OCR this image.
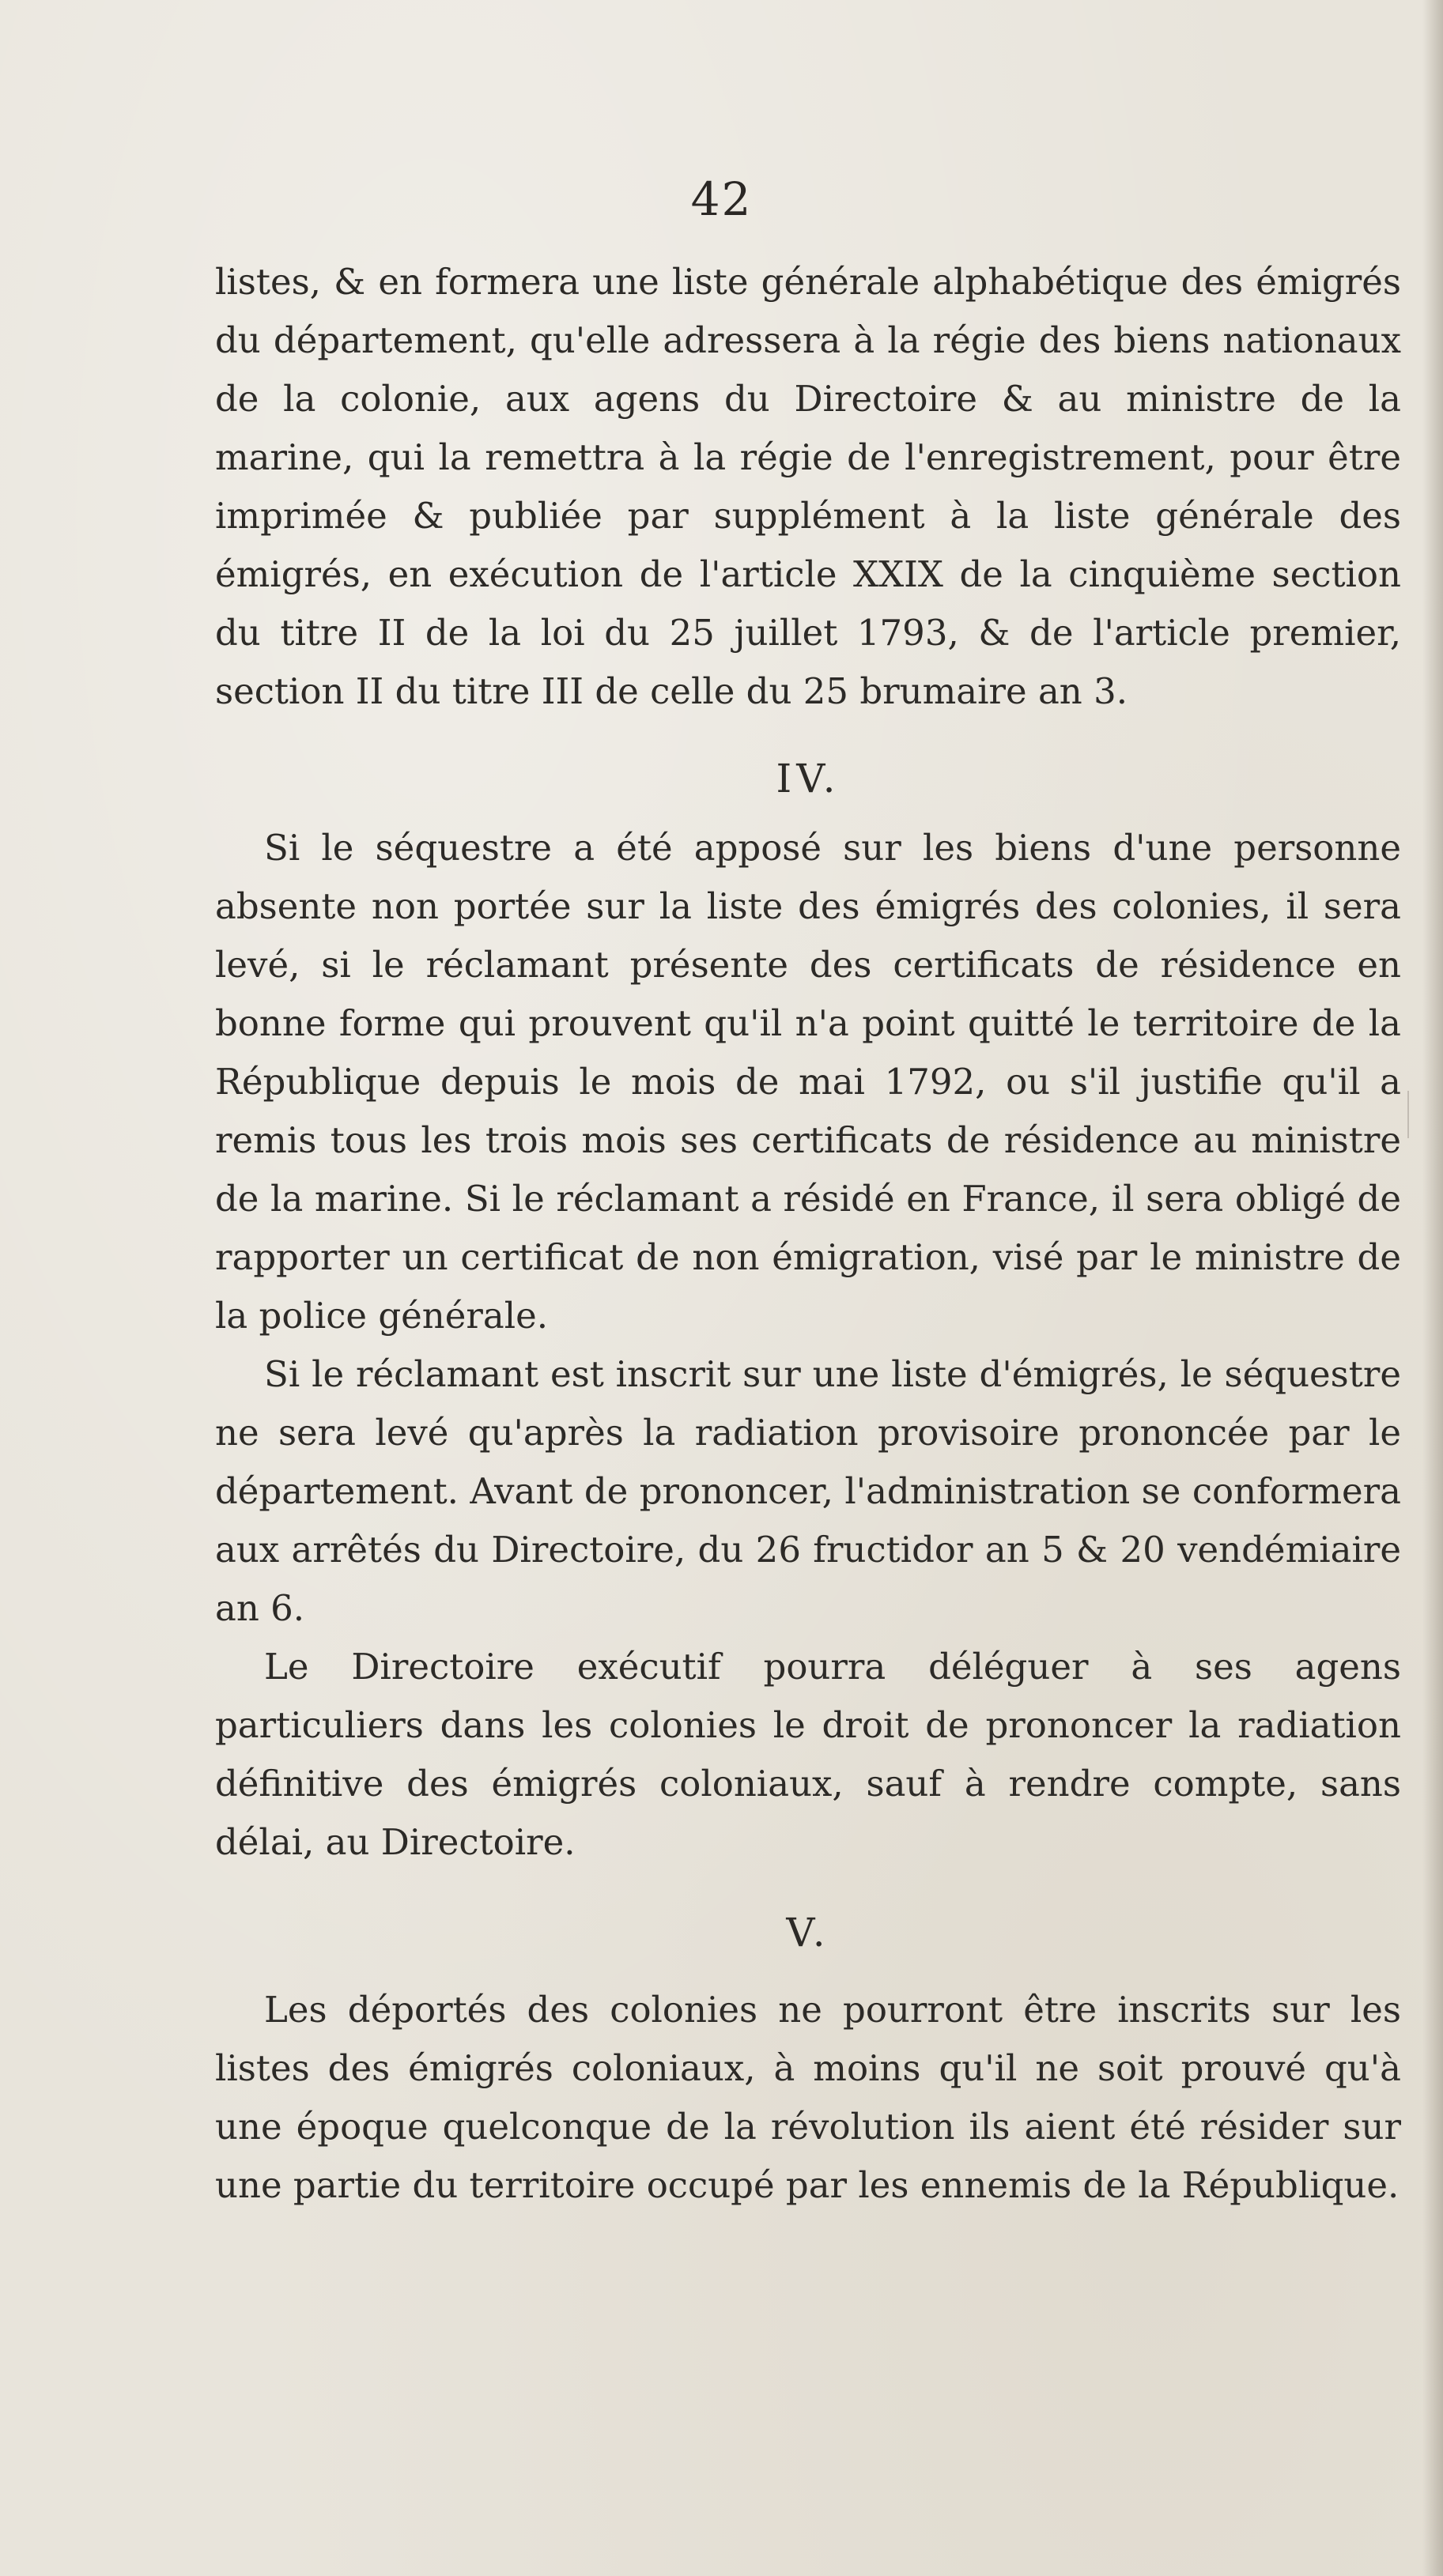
42

listes, & en formera une liste générale alphabétique des émigrés du département, qu'elle adressera à la régie des biens nationaux de la colonie, aux agens du Directoire & au ministre de la marine, qui la remettra à la régie de l'enregistrement, pour être imprimée & publiée par supplément à la liste générale des émigrés, en exécution de l'article XXIX de la cinquième section du titre II de la loi du 25 juillet 1793, & de l'article premier, section II du titre III de celle du 25 brumaire an 3.

IV.

Si le séquestre a été apposé sur les biens d'une personne absente non portée sur la liste des émigrés des colonies, il sera levé, si le réclamant présente des certificats de résidence en bonne forme qui prouvent qu'il n'a point quitté le territoire de la République depuis le mois de mai 1792, ou s'il justifie qu'il a remis tous les trois mois ses certificats de résidence au ministre de la marine. Si le réclamant a résidé en France, il sera obligé de rapporter un certificat de non émigration, visé par le ministre de la police générale.

Si le réclamant est inscrit sur une liste d'émigrés, le séquestre ne sera levé qu'après la radiation provisoire prononcée par le département. Avant de prononcer, l'administration se conformera aux arrêtés du Directoire, du 26 fructidor an 5 & 20 vendémiaire an 6.

Le Directoire exécutif pourra déléguer à ses agens particuliers dans les colonies le droit de prononcer la radiation définitive des émigrés coloniaux, sauf à rendre compte, sans délai, au Directoire.

V.

Les déportés des colonies ne pourront être inscrits sur les listes des émigrés coloniaux, à moins qu'il ne soit prouvé qu'à une époque quelconque de la révolution ils aient été résider sur une partie du territoire occupé par les ennemis de la République.
